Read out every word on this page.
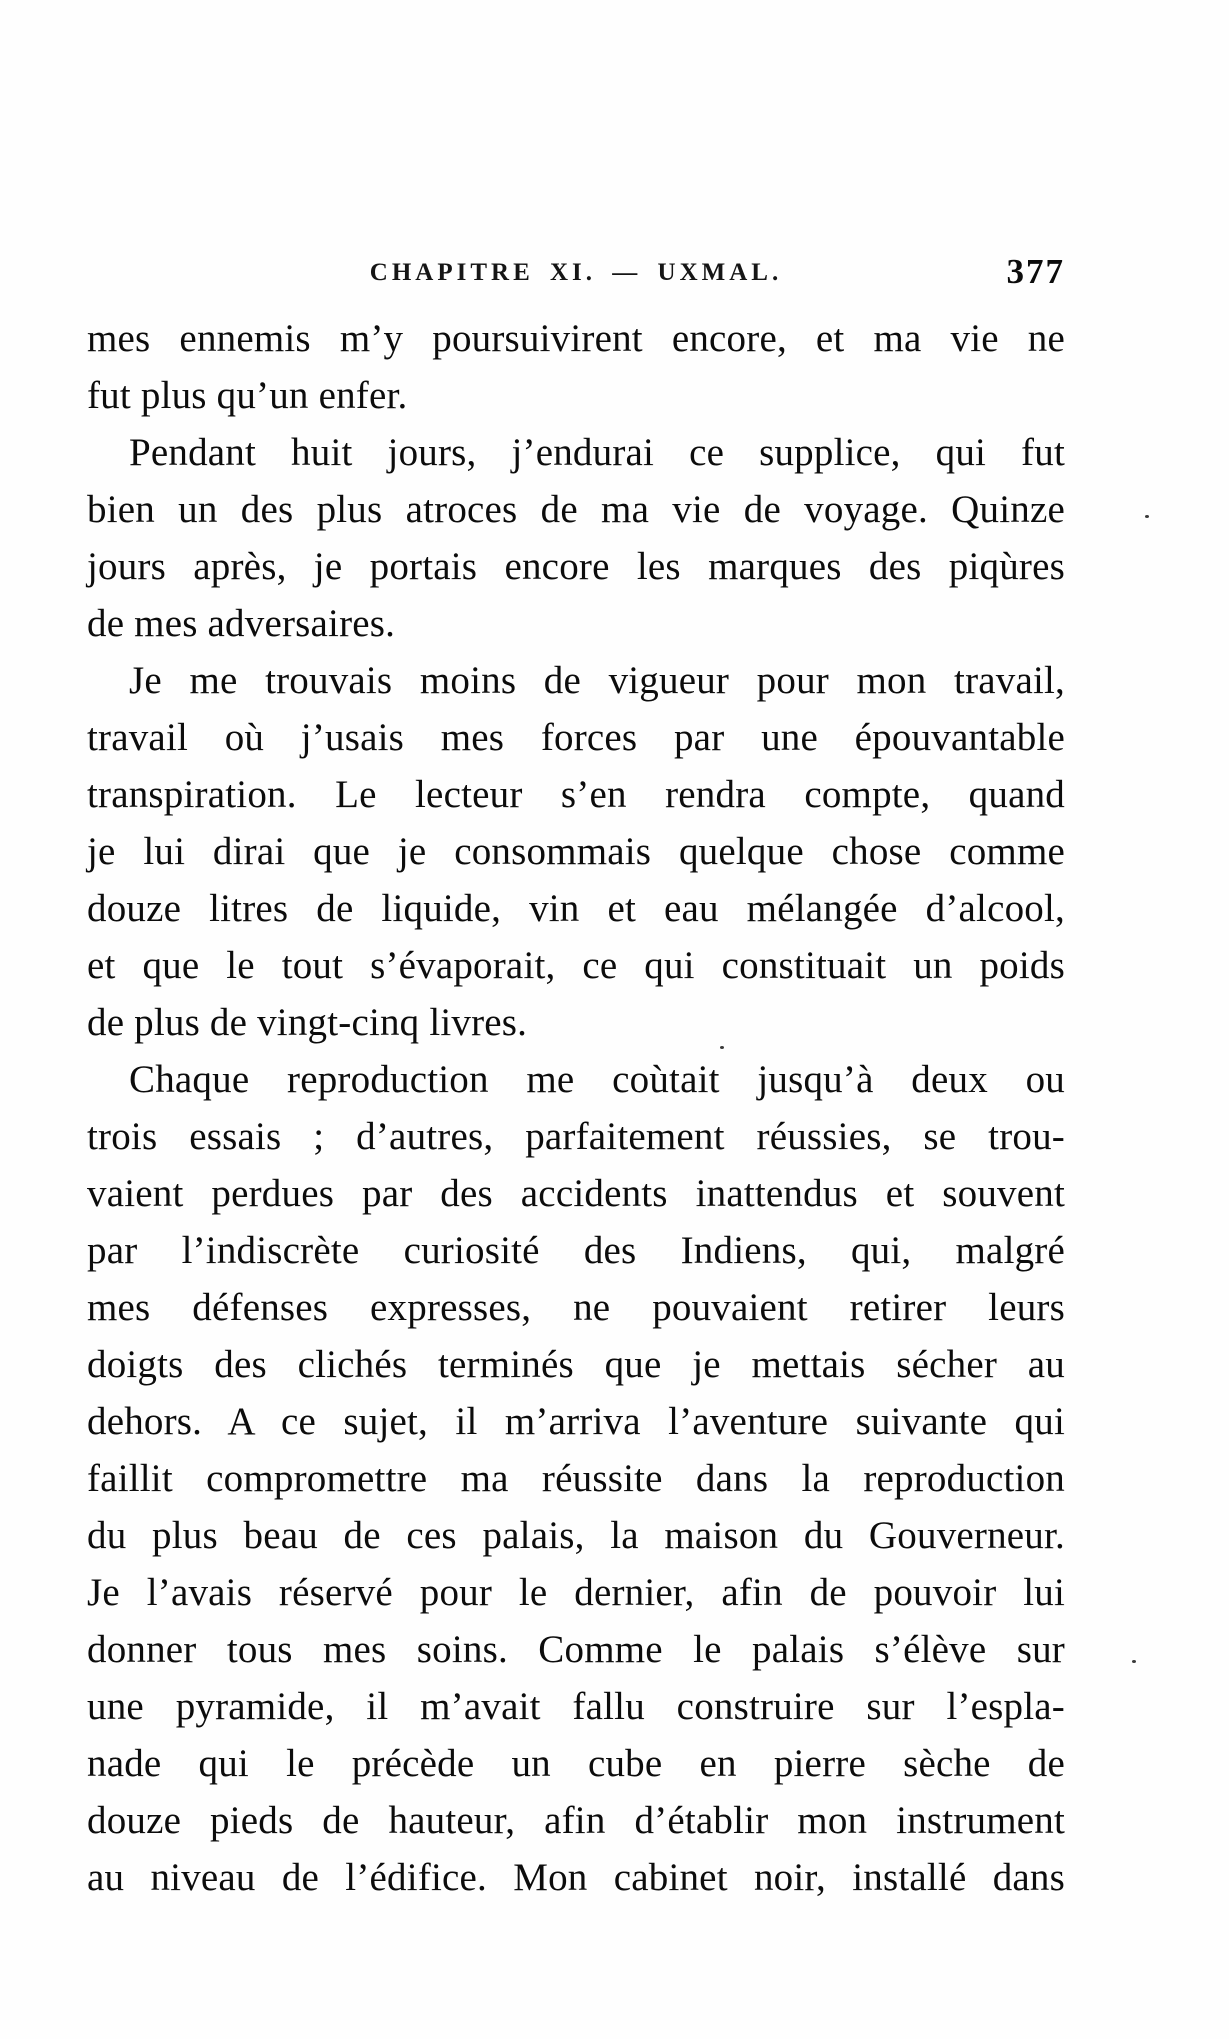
CHAPITRE XI. — UXMAL.	377
mes ennemis m’y poursuivirent encore, et ma vie ne
fut plus qu’un enfer.
Pendant huit jours, j’endurai ce supplice, qui fut
bien un des plus atroces de ma vie de voyage. Quinze
jours après, je portais encore les marques des piqùres
de mes adversaires.
Je me trouvais moins de vigueur pour mon travail,
travail où j’usais mes forces par une épouvantable
transpiration. Le lecteur s’en rendra compte, quand
je lui dirai que je consommais quelque chose comme
douze litres de liquide, vin et eau mélangée d’alcool,
et que le tout s’évaporait, ce qui constituait un poids
de plus de vingt-cinq livres.
Chaque reproduction me coùtait jusqu’à deux ou
trois essais ; d’autres, parfaitement réussies, se trou-
vaient perdues par des accidents inattendus et souvent
par l’indiscrète curiosité des Indiens, qui, malgré
mes défenses expresses, ne pouvaient retirer leurs
doigts des clichés terminés que je mettais sécher au
dehors. A ce sujet, il m’arriva l’aventure suivante qui
faillit compromettre ma réussite dans la reproduction
du plus beau de ces palais, la maison du Gouverneur.
Je l’avais réservé pour le dernier, afin de pouvoir lui
donner tous mes soins. Comme le palais s’élève sur
une pyramide, il m’avait fallu construire sur l’espla-
nade qui le précède un cube en pierre sèche de
douze pieds de hauteur, afin d’établir mon instrument
au niveau de l’édifice. Mon cabinet noir, installé dans
